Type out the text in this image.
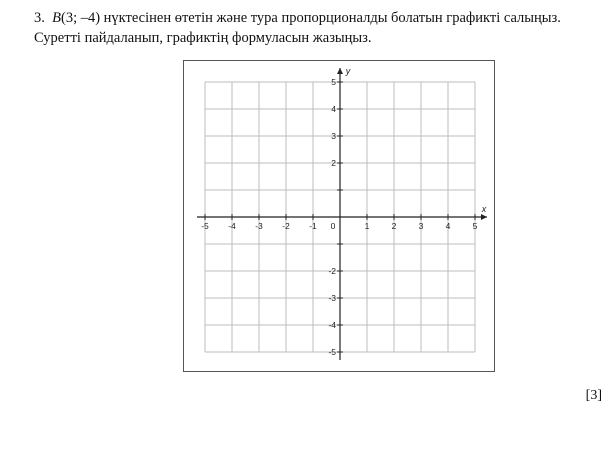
3. B(3; –4) нүктесінен өтетін және тура пропорционалды болатын графикті салыңыз.
Суретті пайдаланып, графиктің формуласын жазыңыз.
[3]
-5 -4 -3 -2 -1	1	2	3	4	5
5
4
3
2
-2
-3
-4
-5
0
x
y
